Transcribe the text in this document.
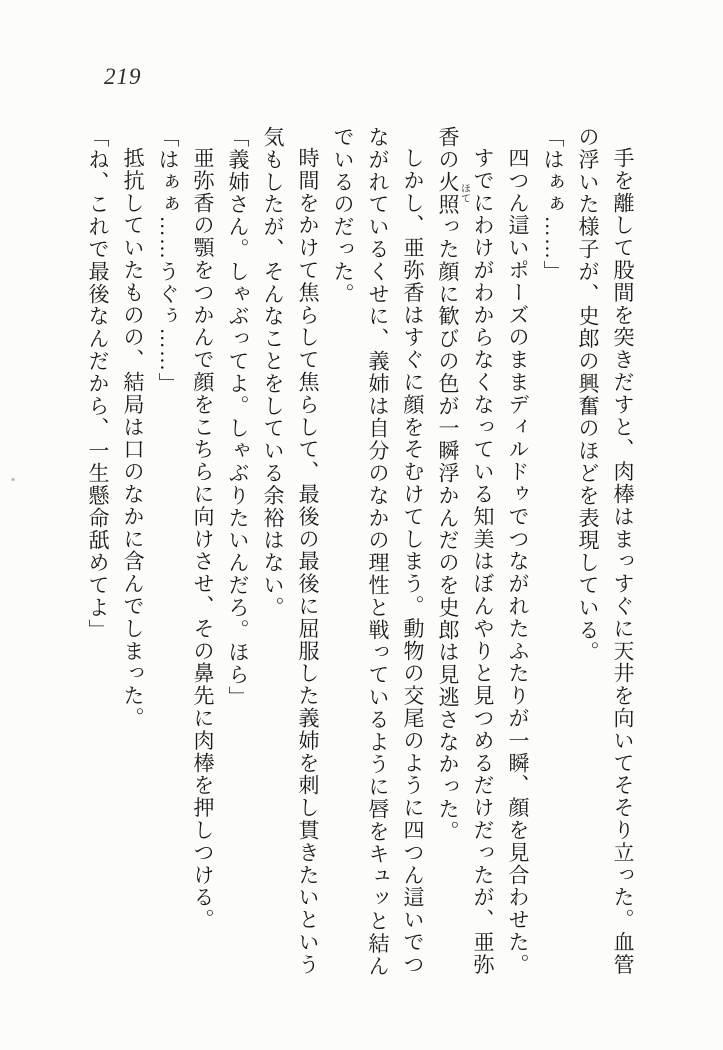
219

手を離して股間を突きだすと、肉棒はまっすぐに天井を向いてそそり立った。血管の浮いた様子が、史郎の興奮のほどを表現している。

「はぁぁ……」

四つん這いポーズのままディルドゥでつながれたふたりが一瞬、顔を見合わせた。

すでにわけがわからなくなっている知美はぼんやりと見つめるだけだったが、亜弥香の火照ほてった顔に歓びの色が一瞬浮かんだのを史郎は見逃さなかった。

しかし、亜弥香はすぐに顔をそむけてしまう。動物の交尾のように四つん這いでつながれているくせに、義姉は自分のなかの理性と戦っているように唇をキュッと結んでいるのだった。

時間をかけて焦らして焦らして、最後の最後に屈服した義姉を刺し貫きたいという気もしたが、そんなことをしている余裕はない。

「義姉さん。しゃぶってよ。しゃぶりたいんだろ。ほら」

亜弥香の顎をつかんで顔をこちらに向けさせ、その鼻先に肉棒を押しつける。

「はぁぁ……うぐぅ……」

抵抗していたものの、結局は口のなかに含んでしまった。

「ね、これで最後なんだから、一生懸命舐めてよ」
